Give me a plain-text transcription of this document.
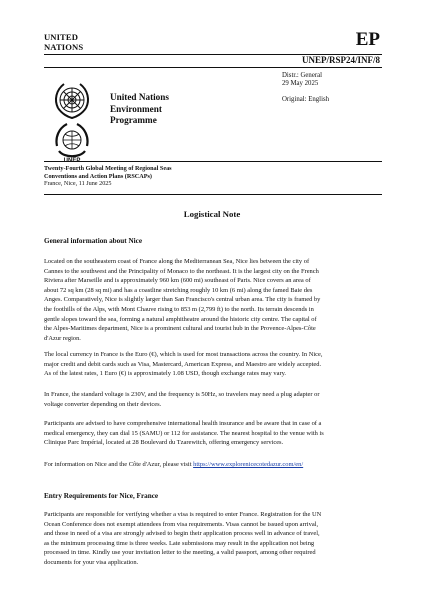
UNITED
NATIONS	EP
UNEP/RSP24/INF/8
Distr.: General
29 May 2025
Original: English
UNEP
United Nations
Environment
Programme
Twenty-Fourth Global Meeting of Regional Seas
Conventions and Action Plans (RSCAPs)
France, Nice, 11 June 2025
Logistical Note
General information about Nice
Located on the southeastern coast of France along the Mediterranean Sea, Nice lies between the city of
Cannes to the southwest and the Principality of Monaco to the northeast. It is the largest city on the French
Riviera after Marseille and is approximately 960 km (600 mi) southeast of Paris. Nice covers an area of
about 72 sq km (28 sq mi) and has a coastline stretching roughly 10 km (6 mi) along the famed Baie des
Anges. Comparatively, Nice is slightly larger than San Francisco's central urban area. The city is framed by
the foothills of the Alps, with Mont Chauve rising to 853 m (2,799 ft) to the north. Its terrain descends in
gentle slopes toward the sea, forming a natural amphitheatre around the historic city centre. The capital of
the Alpes-Maritimes department, Nice is a prominent cultural and tourist hub in the Provence-Alpes-Côte
d'Azur region.
The local currency in France is the Euro (€), which is used for most transactions across the country. In Nice,
major credit and debit cards such as Visa, Mastercard, American Express, and Maestro are widely accepted.
As of the latest rates, 1 Euro (€) is approximately 1.08 USD, though exchange rates may vary.
In France, the standard voltage is 230V, and the frequency is 50Hz, so travelers may need a plug adapter or
voltage converter depending on their devices.
Participants are advised to have comprehensive international health insurance and be aware that in case of a
medical emergency, they can dial 15 (SAMU) or 112 for assistance. The nearest hospital to the venue with is
Clinique Parc Impérial, located at 28 Boulevard du Tzarewitch, offering emergency services.
For information on Nice and the Côte d'Azur, please visit https://www.explorenicecotedazur.com/en/
Entry Requirements for Nice, France
Participants are responsible for verifying whether a visa is required to enter France. Registration for the UN
Ocean Conference does not exempt attendees from visa requirements. Visas cannot be issued upon arrival,
and those in need of a visa are strongly advised to begin their application process well in advance of travel,
as the minimum processing time is three weeks. Late submissions may result in the application not being
processed in time. Kindly use your invitation letter to the meeting, a valid passport, among other required
documents for your visa application.
